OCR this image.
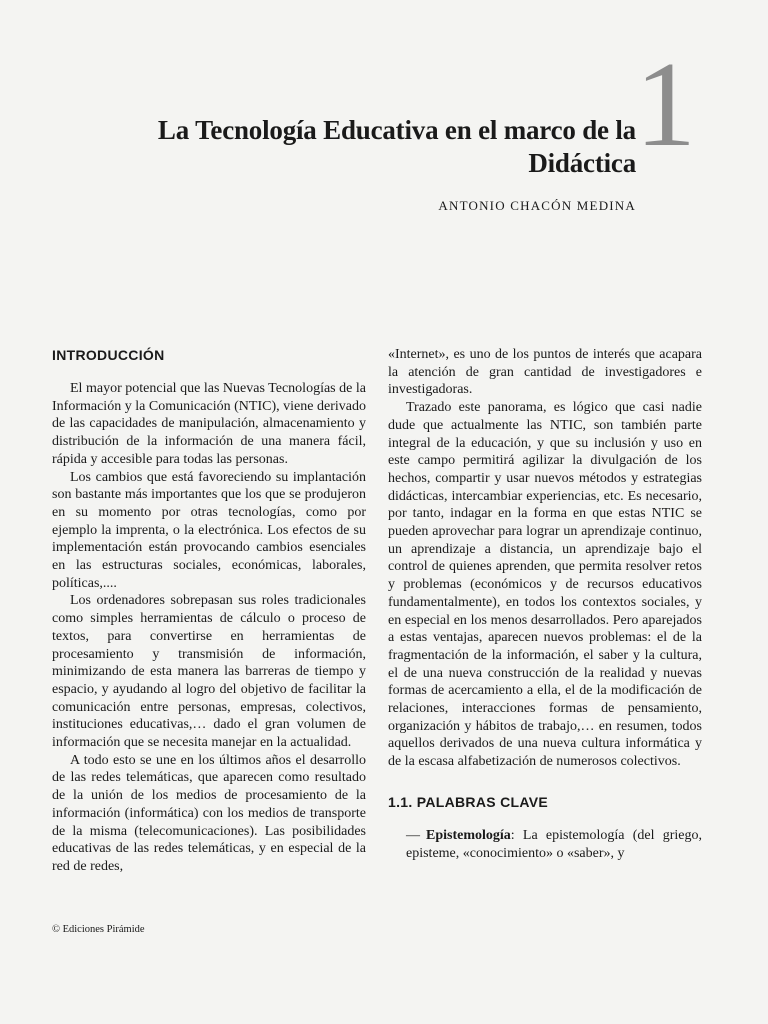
1
La Tecnología Educativa en el marco de la Didáctica

ANTONIO CHACÓN MEDINA

INTRODUCCIÓN

El mayor potencial que las Nuevas Tecnologías de la Información y la Comunicación (NTIC), viene derivado de las capacidades de manipulación, almacenamiento y distribución de la información de una manera fácil, rápida y accesible para todas las personas.

Los cambios que está favoreciendo su implantación son bastante más importantes que los que se produjeron en su momento por otras tecnologías, como por ejemplo la imprenta, o la electrónica. Los efectos de su implementación están provocando cambios esenciales en las estructuras sociales, económicas, laborales, políticas,....

Los ordenadores sobrepasan sus roles tradicionales como simples herramientas de cálculo o proceso de textos, para convertirse en herramientas de procesamiento y transmisión de información, minimizando de esta manera las barreras de tiempo y espacio, y ayudando al logro del objetivo de facilitar la comunicación entre personas, empresas, colectivos, instituciones educativas,… dado el gran volumen de información que se necesita manejar en la actualidad.

A todo esto se une en los últimos años el desarrollo de las redes telemáticas, que aparecen como resultado de la unión de los medios de procesamiento de la información (informática) con los medios de transporte de la misma (telecomunicaciones). Las posibilidades educativas de las redes telemáticas, y en especial de la red de redes,

«Internet», es uno de los puntos de interés que acapara la atención de gran cantidad de investigadores e investigadoras.

Trazado este panorama, es lógico que casi nadie dude que actualmente las NTIC, son también parte integral de la educación, y que su inclusión y uso en este campo permitirá agilizar la divulgación de los hechos, compartir y usar nuevos métodos y estrategias didácticas, intercambiar experiencias, etc. Es necesario, por tanto, indagar en la forma en que estas NTIC se pueden aprovechar para lograr un aprendizaje continuo, un aprendizaje a distancia, un aprendizaje bajo el control de quienes aprenden, que permita resolver retos y problemas (económicos y de recursos educativos fundamentalmente), en todos los contextos sociales, y en especial en los menos desarrollados. Pero aparejados a estas ventajas, aparecen nuevos problemas: el de la fragmentación de la información, el saber y la cultura, el de una nueva construcción de la realidad y nuevas formas de acercamiento a ella, el de la modificación de relaciones, interacciones formas de pensamiento, organización y hábitos de trabajo,… en resumen, todos aquellos derivados de una nueva cultura informática y de la escasa alfabetización de numerosos colectivos.

1.1. PALABRAS CLAVE

— Epistemología: La epistemología (del griego, episteme, «conocimiento» o «saber», y

© Ediciones Pirámide
